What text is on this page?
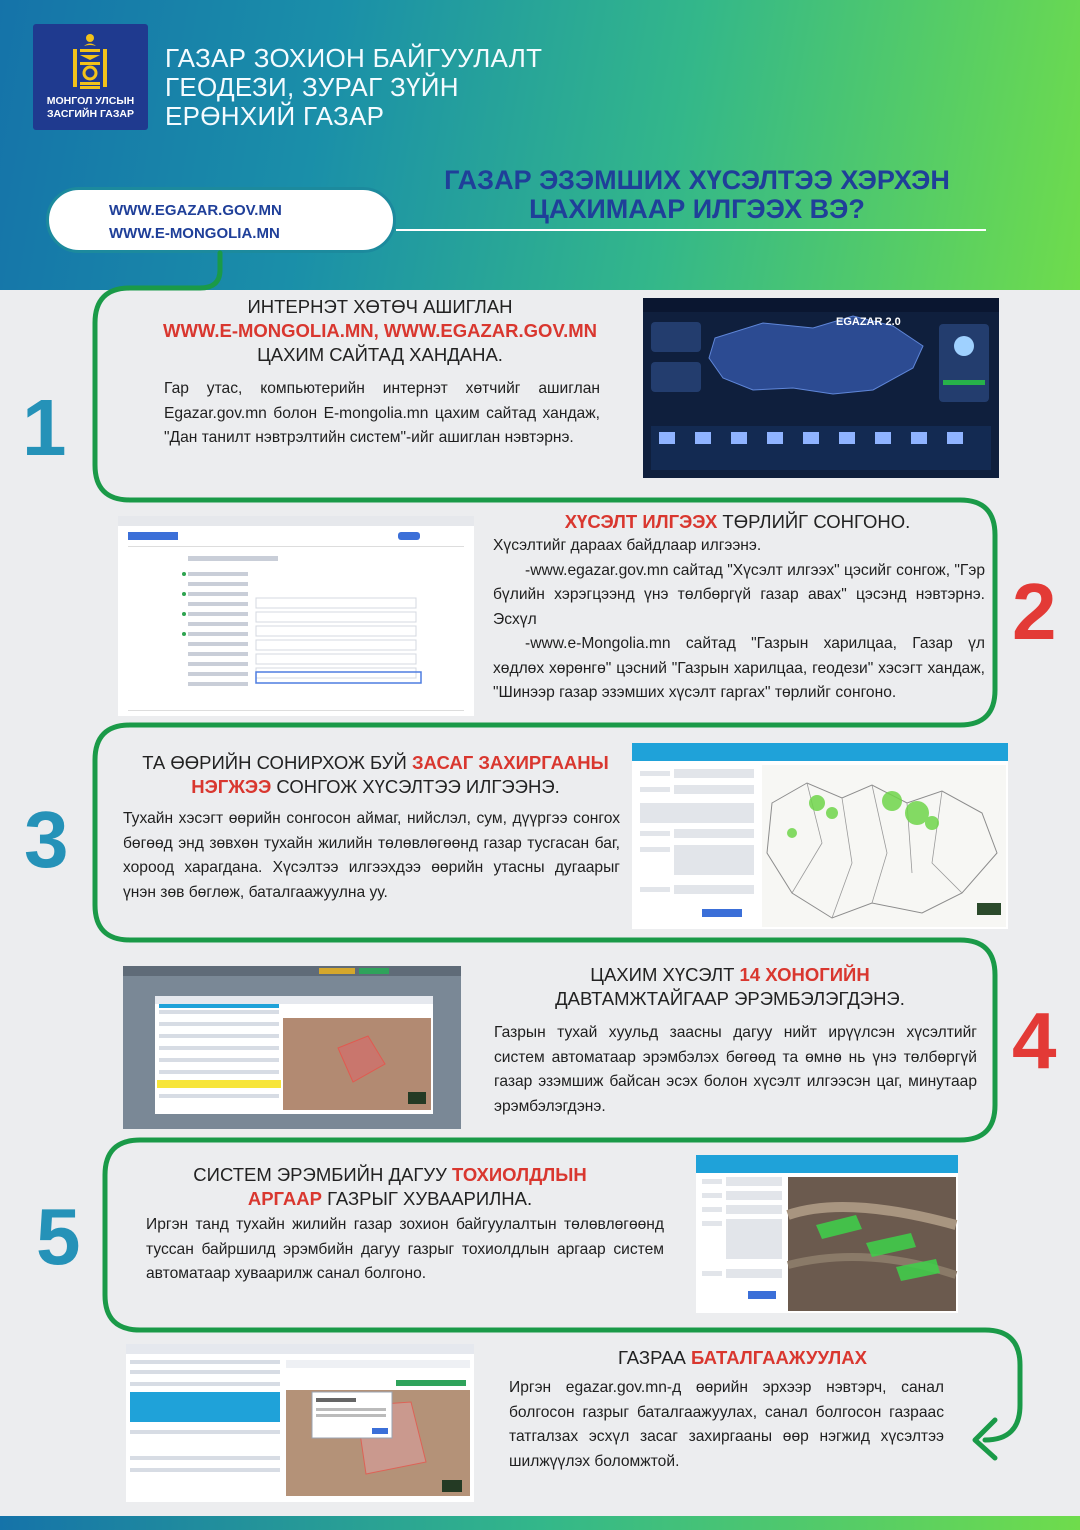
МОНГОЛ УЛСЫН
ЗАСГИЙН ГАЗАР
ГАЗАР ЗОХИОН БАЙГУУЛАЛТ
ГЕОДЕЗИ, ЗУРАГ ЗҮЙН
ЕРӨНХИЙ ГАЗАР
ГАЗАР ЭЗЭМШИХ ХҮСЭЛТЭЭ ХЭРХЭН
ЦАХИМААР ИЛГЭЭХ ВЭ?
WWW.EGAZAR.GOV.MN
WWW.E-MONGOLIA.MN
1
ИНТЕРНЭТ ХӨТӨЧ АШИГЛАН
WWW.E-MONGOLIA.MN, WWW.EGAZAR.GOV.MN
ЦАХИМ САЙТАД ХАНДАНА.
Гар утас, компьютерийн интернэт хөтчийг ашиглан Egazar.gov.mn болон E-mongolia.mn цахим сайтад хандаж, "Дан танилт нэвтрэлтийн систем"-ийг ашиглан нэвтэрнэ.
EGAZAR 2.0
2
ХҮСЭЛТ ИЛГЭЭХ ТӨРЛИЙГ СОНГОНО.
Хүсэлтийг дараах байдлаар илгээнэ.
-www.egazar.gov.mn сайтад "Хүсэлт илгээх" цэсийг сонгож, "Гэр бүлийн хэрэгцээнд үнэ төлбөргүй газар авах" цэсэнд нэвтэрнэ. Эсхүл
-www.e-Mongolia.mn сайтад "Газрын харилцаа, Газар үл хөдлөх хөрөнгө" цэсний "Газрын харилцаа, геодези" хэсэгт хандаж, "Шинээр газар эзэмших хүсэлт гаргах" төрлийг сонгоно.
3
ТА ӨӨРИЙН СОНИРХОЖ БУЙ ЗАСАГ ЗАХИРГААНЫ
НЭГЖЭЭ СОНГОЖ ХҮСЭЛТЭЭ ИЛГЭЭНЭ.
Тухайн хэсэгт өөрийн сонгосон аймаг, нийслэл, сум, дүүргээ сонгох бөгөөд энд зөвхөн тухайн жилийн төлөвлөгөөнд газар тусгасан баг, хороод харагдана. Хүсэлтээ илгээхдээ өөрийн утасны дугаарыг үнэн зөв бөглөж, баталгаажуулна уу.
4
ЦАХИМ ХҮСЭЛТ 14 ХОНОГИЙН
ДАВТАМЖТАЙГААР ЭРЭМБЭЛЭГДЭНЭ.
Газрын тухай хуульд заасны дагуу нийт ирүүлсэн хүсэлтийг систем автоматаар эрэмбэлэх бөгөөд та өмнө нь үнэ төлбөргүй газар эзэмшиж байсан эсэх болон хүсэлт илгээсэн цаг, минутаар эрэмбэлэгдэнэ.
5
СИСТЕМ ЭРЭМБИЙН ДАГУУ ТОХИОЛДЛЫН
АРГААР ГАЗРЫГ ХУВААРИЛНА.
Иргэн танд тухайн жилийн газар зохион байгуулалтын төлөвлөгөөнд туссан байршилд эрэмбийн дагуу газрыг тохиолдлын аргаар систем автоматаар хуваарилж санал болгоно.
ГАЗРАА БАТАЛГААЖУУЛАХ
Иргэн egazar.gov.mn-д өөрийн эрхээр нэвтэрч, санал болгосон газрыг баталгаажуулах, санал болгосон газраас татгалзах эсхүл засаг захиргааны өөр нэгжид хүсэлтээ шилжүүлэх боломжтой.
